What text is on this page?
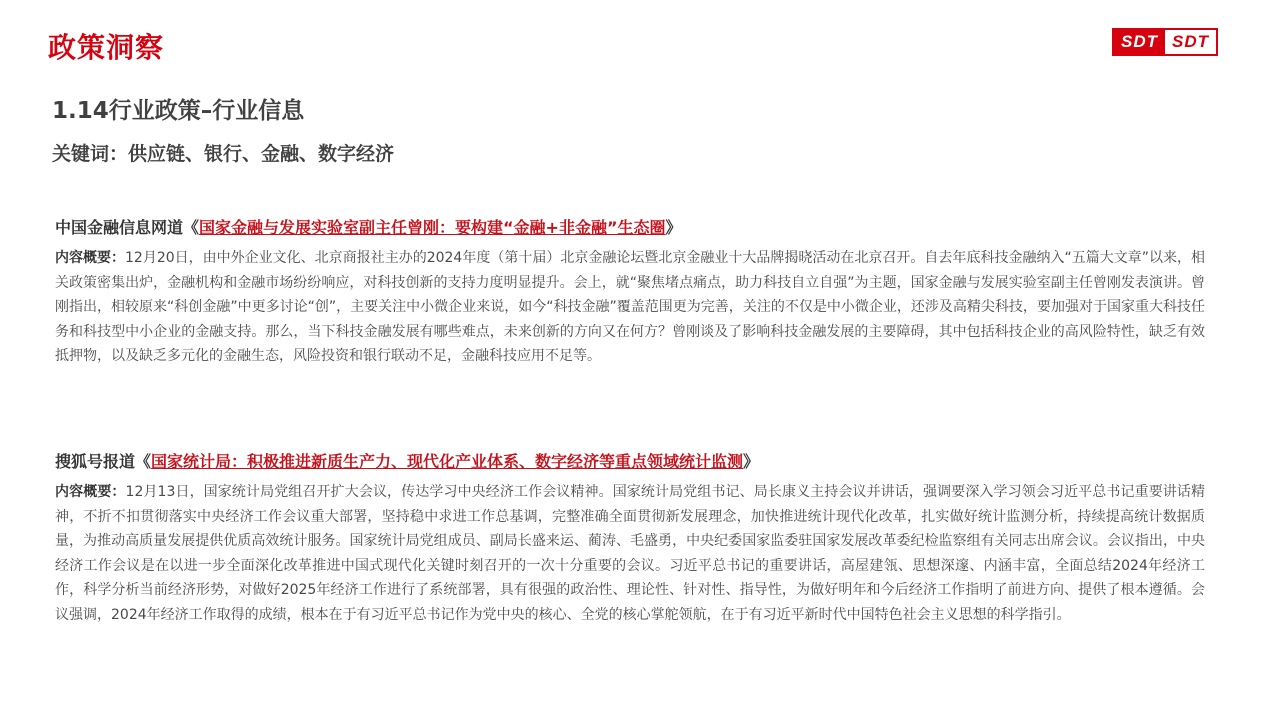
政策洞察	SDT SDT
1.14行业政策–行业信息
关键词：供应链、银行、金融、数字经济
中国金融信息网道《国家金融与发展实验室副主任曾刚：要构建“金融+非金融”生态圈》
内容概要：12月20日，由中外企业文化、北京商报社主办的2024年度（第十届）北京金融论坛暨北京金融业十大品牌揭晓活动在北京召开。自去年底科技金融纳入“五篇大文章”以来，相关政策密集出炉，金融机构和金融市场纷纷响应，对科技创新的支持力度明显提升。会上，就“聚焦堵点痛点，助力科技自立自强”为主题，国家金融与发展实验室副主任曾刚发表演讲。曾刚指出，相较原来“科创金融”中更多讨论“创”，主要关注中小微企业来说，如今“科技金融”覆盖范围更为完善，关注的不仅是中小微企业，还涉及高精尖科技，要加强对于国家重大科技任务和科技型中小企业的金融支持。那么，当下科技金融发展有哪些难点，未来创新的方向又在何方？曾刚谈及了影响科技金融发展的主要障碍，其中包括科技企业的高风险特性，缺乏有效抵押物，以及缺乏多元化的金融生态，风险投资和银行联动不足，金融科技应用不足等。
搜狐号报道《国家统计局：积极推进新质生产力、现代化产业体系、数字经济等重点领域统计监测》
内容概要：12月13日，国家统计局党组召开扩大会议，传达学习中央经济工作会议精神。国家统计局党组书记、局长康义主持会议并讲话，强调要深入学习领会习近平总书记重要讲话精神，不折不扣贯彻落实中央经济工作会议重大部署，坚持稳中求进工作总基调，完整准确全面贯彻新发展理念，加快推进统计现代化改革，扎实做好统计监测分析，持续提高统计数据质量，为推动高质量发展提供优质高效统计服务。国家统计局党组成员、副局长盛来运、蔺涛、毛盛勇，中央纪委国家监委驻国家发展改革委纪检监察组有关同志出席会议。会议指出，中央经济工作会议是在以进一步全面深化改革推进中国式现代化关键时刻召开的一次十分重要的会议。习近平总书记的重要讲话，高屋建瓴、思想深邃、内涵丰富，全面总结2024年经济工作，科学分析当前经济形势，对做好2025年经济工作进行了系统部署，具有很强的政治性、理论性、针对性、指导性，为做好明年和今后经济工作指明了前进方向、提供了根本遵循。会议强调，2024年经济工作取得的成绩，根本在于有习近平总书记作为党中央的核心、全党的核心掌舵领航，在于有习近平新时代中国特色社会主义思想的科学指引。
